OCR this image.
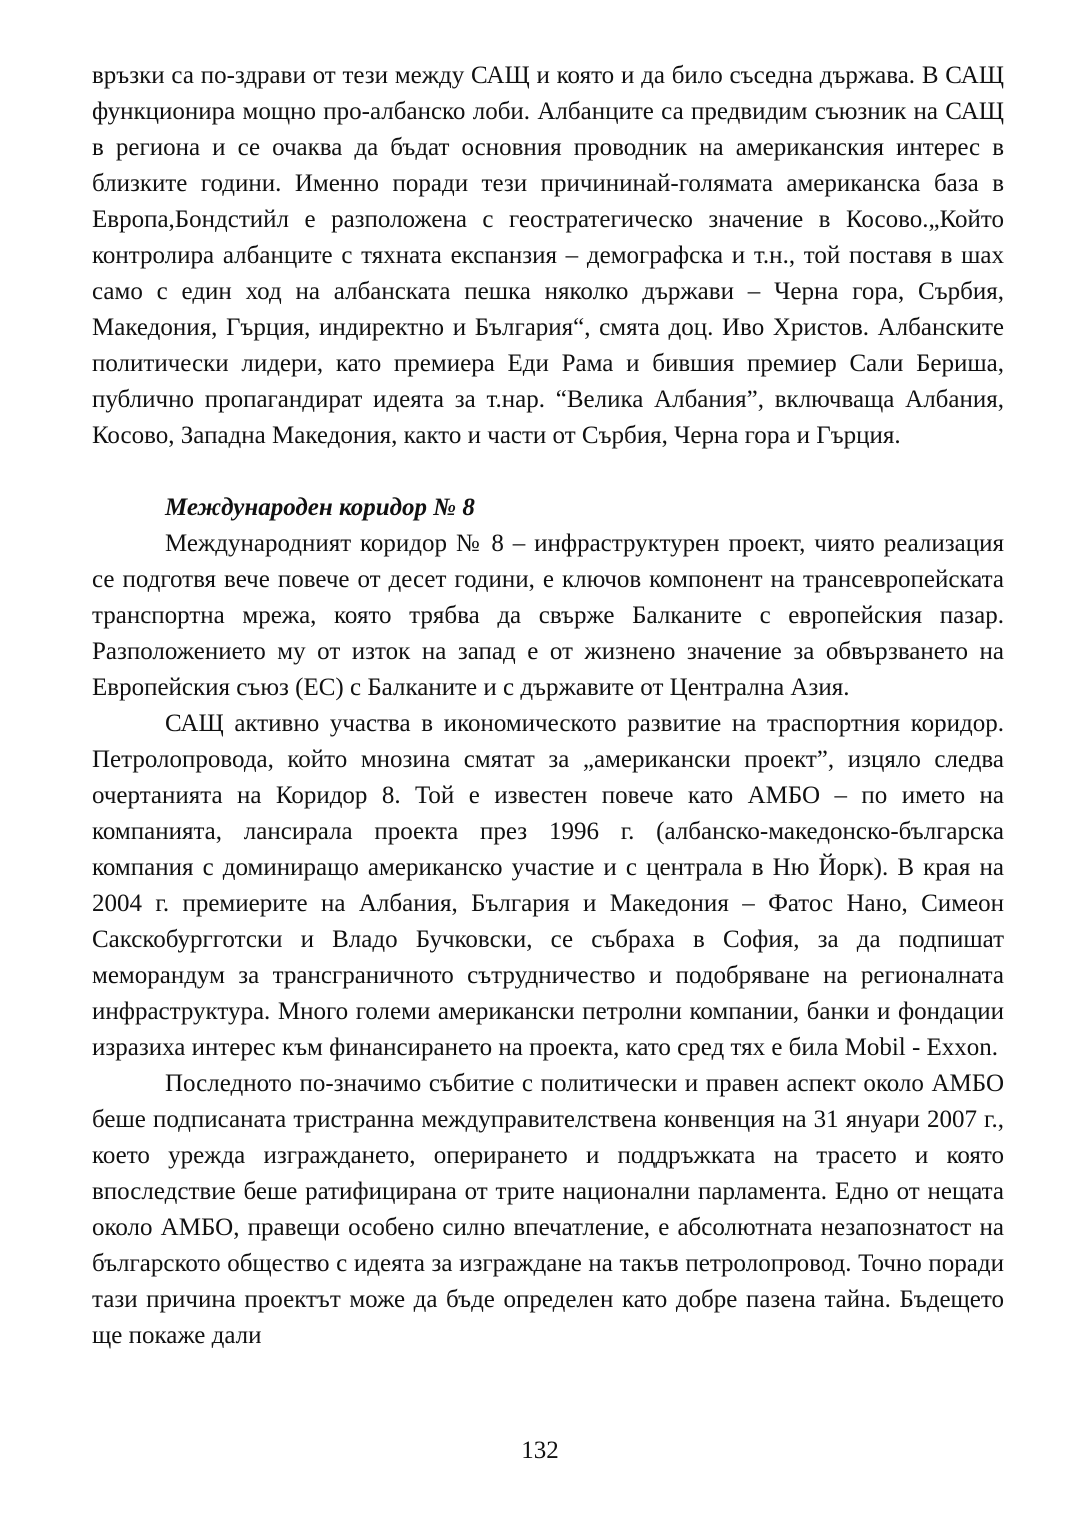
връзки са по-здрави от тези между САЩ и която и да било съседна държава. В САЩ функционира мощно про-албанско лоби. Албанците са предвидим съюзник на САЩ в региона и се очаква да бъдат основния проводник на американския интерес в близките години. Именно поради тези причининай-голямата американска база в Европа,Бондстийл е разположена с геостратегическо значение в Косово.„Който контролира албанците с тяхната експанзия – демографска и т.н., той поставя в шах само с един ход на албанската пешка няколко държави – Черна гора, Сърбия, Македония, Гърция, индиректно и България“, смята доц. Иво Христов. Албанските политически лидери, като премиера Еди Рама и бившия премиер Сали Бериша, публично пропагандират идеята за т.нар. “Велика Албания”, включваща Албания, Косово, Западна Македония, както и части от Сърбия, Черна гора и Гърция.

Международен коридор № 8

Международният коридор № 8 – инфраструктурен проект, чиято реализация се подготвя вече повече от десет години, е ключов компонент на трансевропейската транспортна мрежа, която трябва да свърже Балканите с европейския пазар. Разположението му от изток на запад е от жизнено значение за обвързването на Европейския съюз (ЕС) с Балканите и с държавите от Централна Азия.

САЩ активно участва в икономическото развитие на траспортния коридор. Петролопровода, който мнозина смятат за „американски проект”, изцяло следва очертанията на Коридор 8. Той е известен повече като АМБО – по името на компанията, лансирала проекта през 1996 г. (албанско-македонско-българска компания с доминиращо американско участие и с централа в Ню Йорк). В края на 2004 г. премиерите на Албания, България и Македония – Фатос Нано, Симеон Сакскобургготски и Владо Бучковски, се събраха в София, за да подпишат меморандум за трансграничното сътрудничество и подобряване на регионалната инфраструктура. Много големи американски петролни компании, банки и фондации изразиха интерес към финансирането на проекта, като сред тях е била Mobil - Exxon.

Последното по-значимо събитие с политически и правен аспект около АМБО беше подписаната тристранна междуправителствена конвенция на 31 януари 2007 г., което урежда изграждането, опериранeто и поддръжката на трасето и която впоследствие беше ратифицирана от трите национални парламента. Едно от нещата около АМБО, правещи особено силно впечатление, е абсолютната незапознатост на българското общество с идеята за изграждане на такъв петролопровод. Точно поради тази причина проектът може да бъде определен като добре пазена тайна. Бъдещето ще покаже дали

132
